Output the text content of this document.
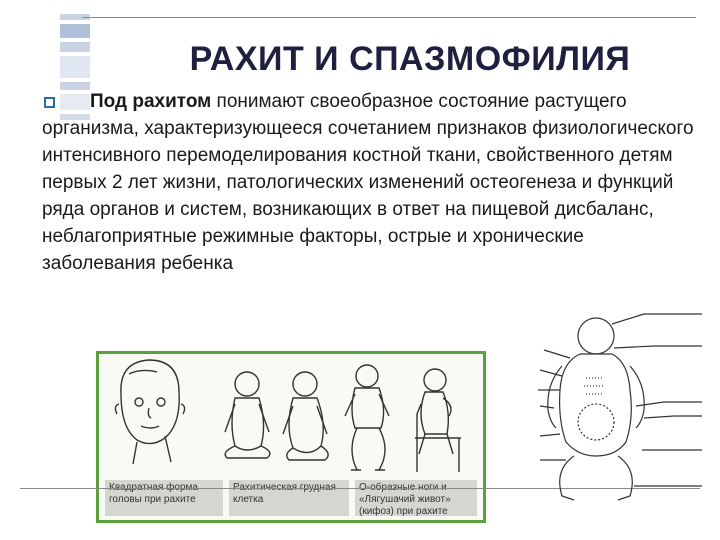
РАХИТ И СПАЗМОФИЛИЯ
Под рахитом понимают своеобразное состояние растущего организма, характеризующееся сочетанием признаков физиологического интенсивного перемоделирования костной ткани, свойственного детям первых 2 лет жизни, патологических изменений остеогенеза и функций ряда органов и систем, возникающих в ответ на пищевой дисбаланс, неблагоприятные режимные факторы, острые и хронические заболевания ребенка
головы при рахите	клетка	«Лягушачий живот» (кифоз) при рахите
